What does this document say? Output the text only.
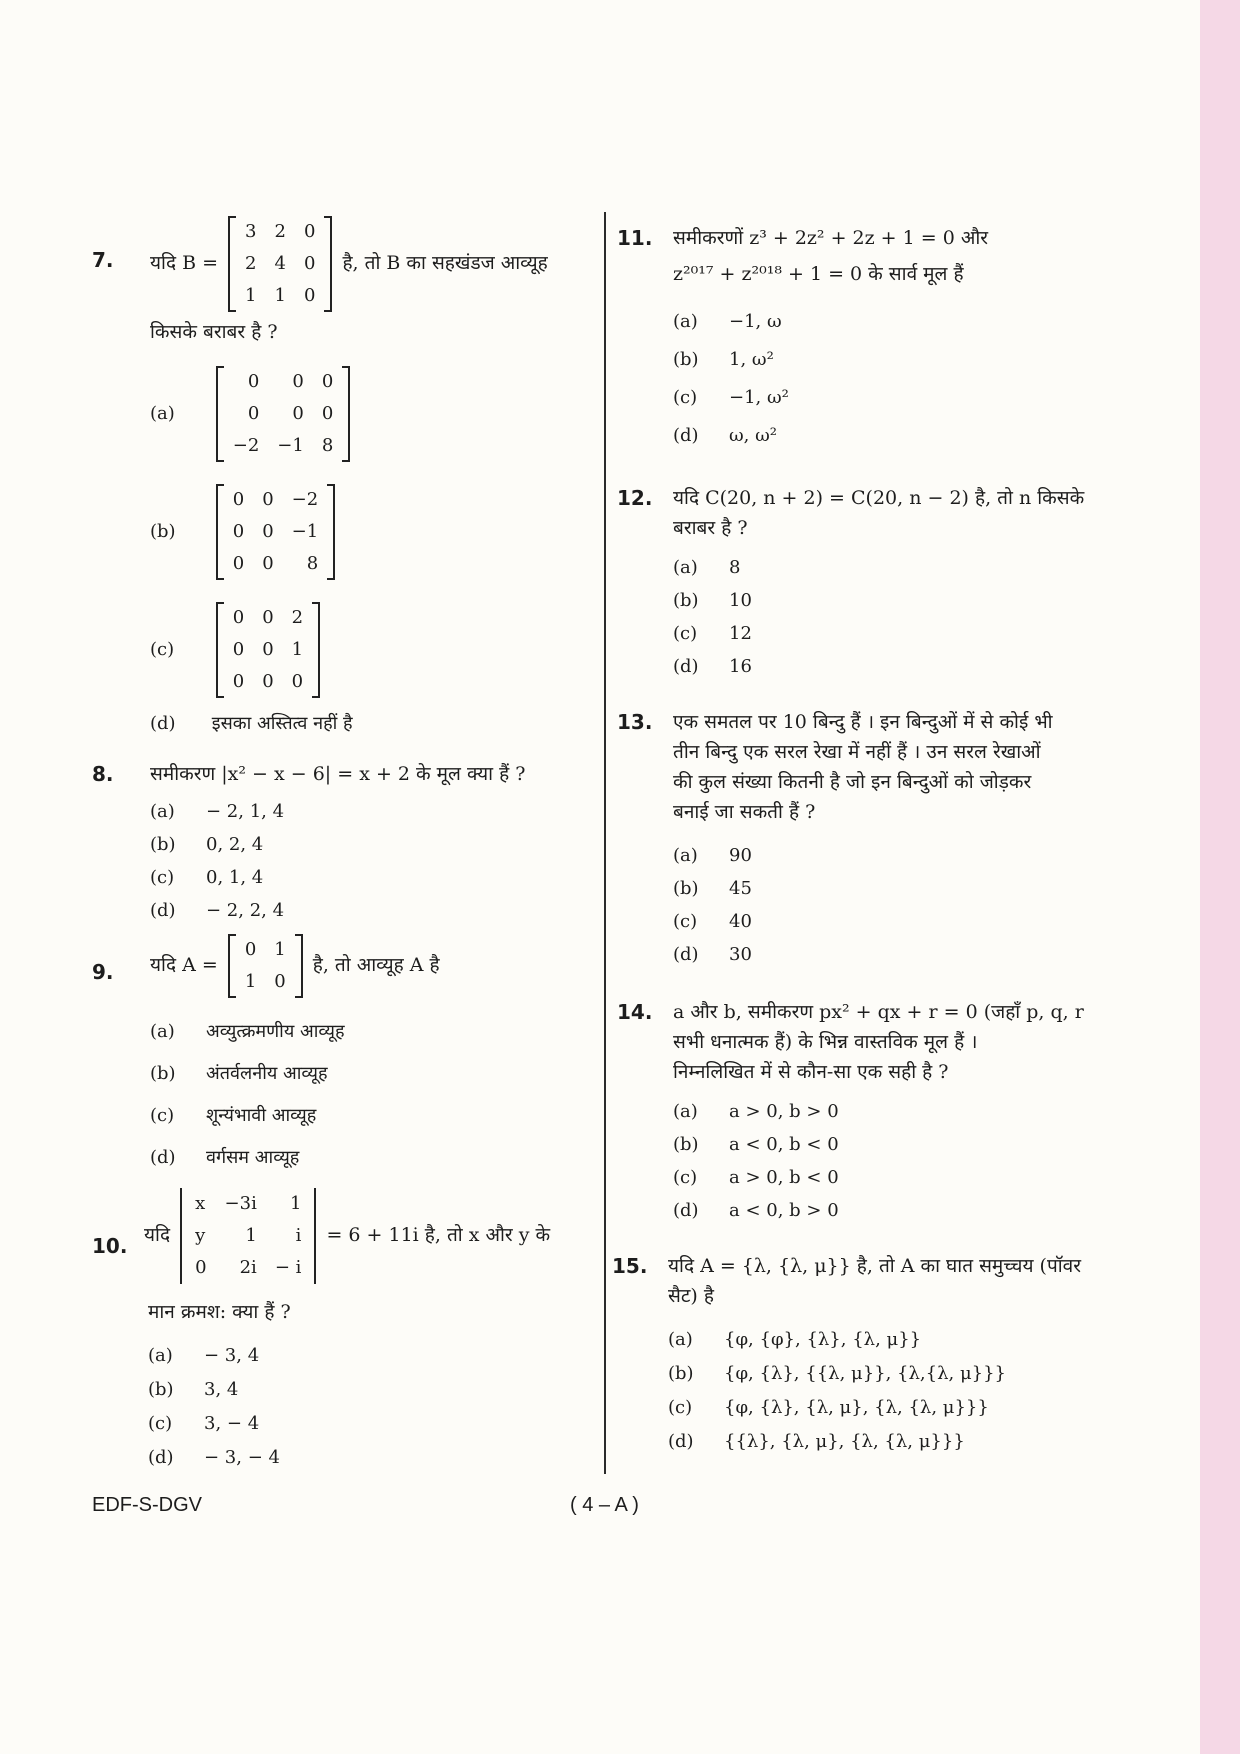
7. यदि B =
3	2	0
2	4	0
1	1	0
है, तो B का सहखंडज आव्यूह
किसके बराबर है ?
(a)
0	0	0
0	0	0
−2	−1	8
(b)
0	0	−2
0	0	−1
0	0	8
(c)
0	0	2
0	0	1
0	0	0
(d) इसका अस्तित्व नहीं है
8. समीकरण |x² − x − 6| = x + 2 के मूल क्या हैं ?
(a) − 2, 1, 4
(b) 0, 2, 4
(c) 0, 1, 4
(d) − 2, 2, 4
9. यदि A =
0	1
1	0
है, तो आव्यूह A है
(a) अव्युत्क्रमणीय आव्यूह
(b) अंतर्वलनीय आव्यूह
(c) शून्यंभावी आव्यूह
(d) वर्गसम आव्यूह
10. यदि
x	−3i	1
y	1	i
0	2i	− i
= 6 + 11i है, तो x और y के
मान क्रमश: क्या हैं ?
(a) − 3, 4
(b) 3, 4
(c) 3, − 4
(d) − 3, − 4
11. समीकरणों z³ + 2z² + 2z + 1 = 0 और
z²⁰¹⁷ + z²⁰¹⁸ + 1 = 0 के सार्व मूल हैं
(a) −1, ω
(b) 1, ω²
(c) −1, ω²
(d) ω, ω²
12. यदि C(20, n + 2) = C(20, n − 2) है, तो n किसके
बराबर है ?
(a) 8
(b) 10
(c) 12
(d) 16
13. एक समतल पर 10 बिन्दु हैं । इन बिन्दुओं में से कोई भी
तीन बिन्दु एक सरल रेखा में नहीं हैं । उन सरल रेखाओं
की कुल संख्या कितनी है जो इन बिन्दुओं को जोड़कर
बनाई जा सकती हैं ?
(a) 90
(b) 45
(c) 40
(d) 30
14. a और b, समीकरण px² + qx + r = 0 (जहाँ p, q, r
सभी धनात्मक हैं) के भिन्न वास्तविक मूल हैं ।
निम्नलिखित में से कौन-सा एक सही है ?
(a) a > 0, b > 0
(b) a < 0, b < 0
(c) a > 0, b < 0
(d) a < 0, b > 0
15. यदि A = {λ, {λ, μ}} है, तो A का घात समुच्चय (पॉवर
सैट) है
(a) {φ, {φ}, {λ}, {λ, μ}}
(b) {φ, {λ}, {{λ, μ}}, {λ,{λ, μ}}}
(c) {φ, {λ}, {λ, μ}, {λ, {λ, μ}}}
(d) {{λ}, {λ, μ}, {λ, {λ, μ}}}
EDF-S-DGV	( 4 – A )
